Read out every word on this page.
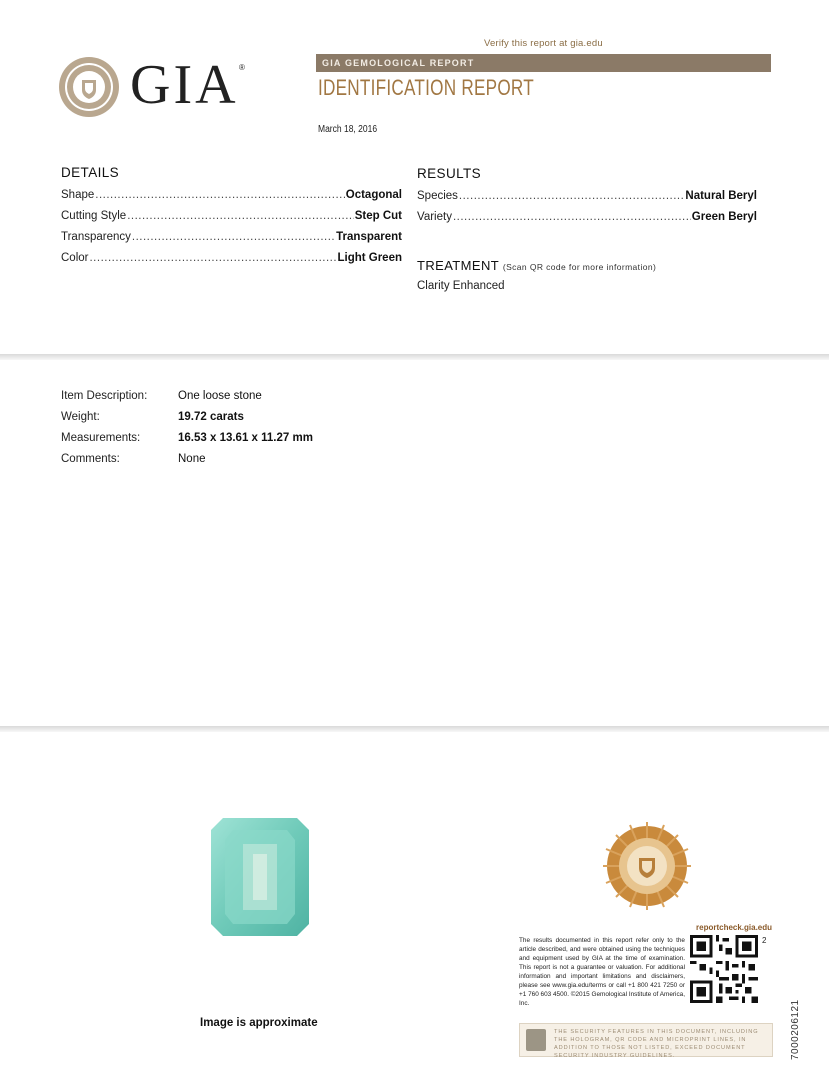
Verify this report at gia.edu
GIA ®	GIA GEMOLOGICAL REPORT
IDENTIFICATION REPORT
March 18, 2016
DETAILS
Shape .....	Octagonal
Cutting Style .....	Step Cut
Transparency .....	Transparent
Color .....	Light Green
RESULTS
Species .....	Natural Beryl
Variety .....	Green Beryl
TREATMENT (Scan QR code for more information)
Clarity Enhanced
Item Description:	One loose stone
Weight:	19.72 carats
Measurements:	16.53 x 13.61 x 11.27 mm
Comments:	None
Image is approximate
reportcheck.gia.edu
The results documented in this report refer only to the article described, and were obtained using the techniques and equipment used by GIA at the time of examination. This report is not a guarantee or valuation. For additional information and important limitations and disclaimers, please see www.gia.edu/terms or call +1 800 421 7250 or +1 760 603 4500. ©2015 Gemological Institute of America, Inc.
2
THE SECURITY FEATURES IN THIS DOCUMENT, INCLUDING THE HOLOGRAM, QR CODE AND MICROPRINT LINES, IN ADDITION TO THOSE NOT LISTED, EXCEED DOCUMENT SECURITY INDUSTRY GUIDELINES.	7000206121
